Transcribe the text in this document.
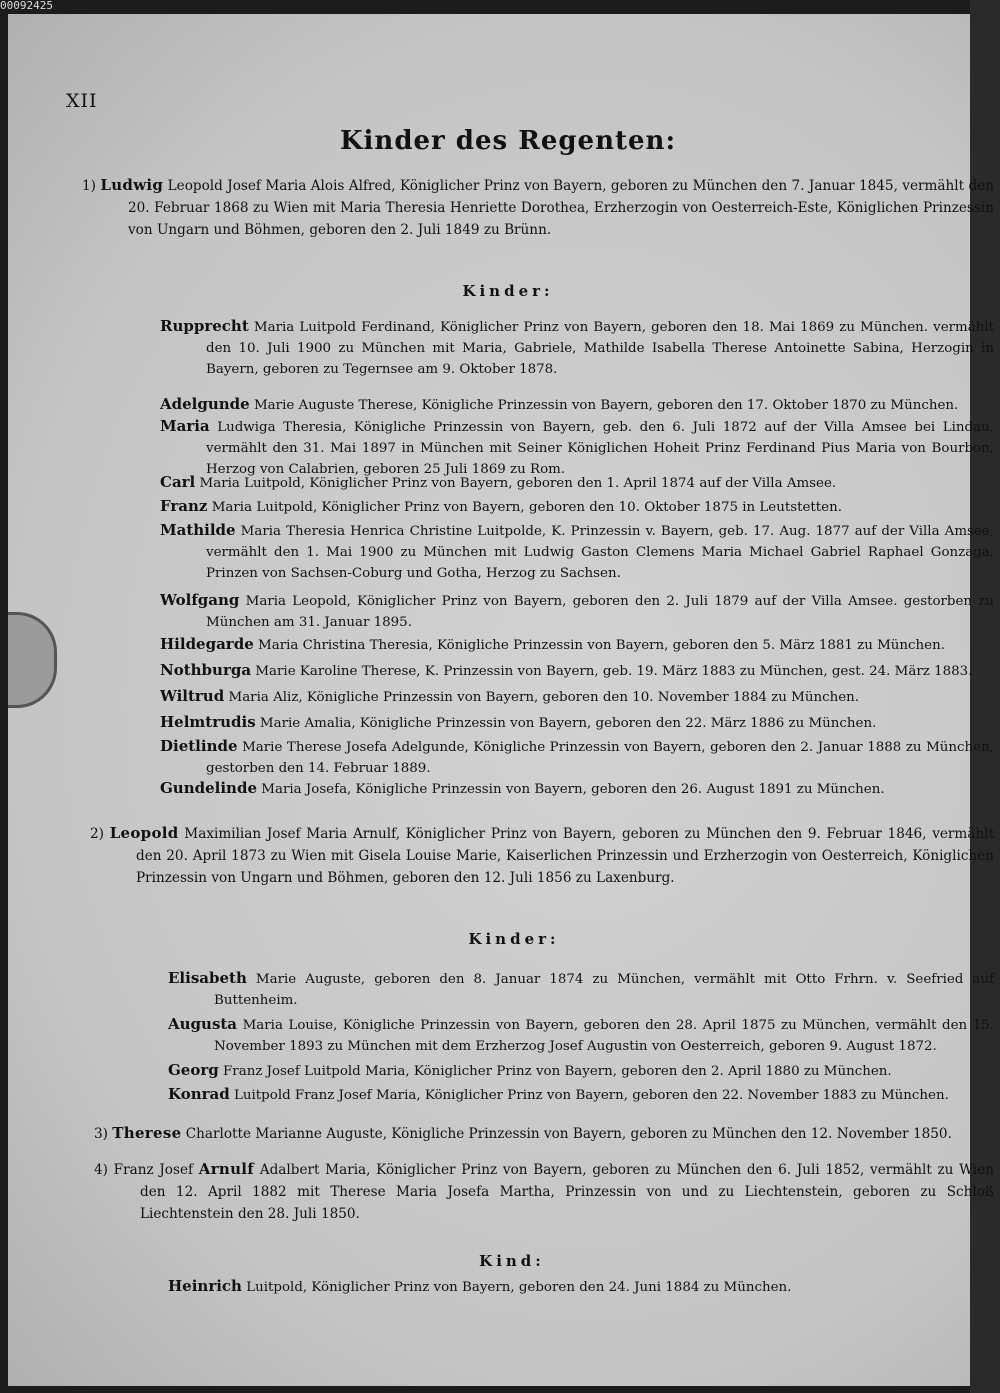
00092425
XII
Kinder des Regenten:
1) Ludwig Leopold Josef Maria Alois Alfred, Königlicher Prinz von Bayern, geboren zu München den 7. Januar 1845, vermählt den 20. Februar 1868 zu Wien mit Maria Theresia Henriette Dorothea, Erzherzogin von Oesterreich-Este, Königlichen Prinzessin von Ungarn und Böhmen, geboren den 2. Juli 1849 zu Brünn.
Kinder:
Rupprecht Maria Luitpold Ferdinand, Königlicher Prinz von Bayern, geboren den 18. Mai 1869 zu München. vermählt den 10. Juli 1900 zu München mit Maria, Gabriele, Mathilde Isabella Therese Antoinette Sabina, Herzogin in Bayern, geboren zu Tegernsee am 9. Oktober 1878.
Adelgunde Marie Auguste Therese, Königliche Prinzessin von Bayern, geboren den 17. Oktober 1870 zu München.
Maria Ludwiga Theresia, Königliche Prinzessin von Bayern, geb. den 6. Juli 1872 auf der Villa Amsee bei Lindau, vermählt den 31. Mai 1897 in München mit Seiner Königlichen Hoheit Prinz Ferdinand Pius Maria von Bourbon, Herzog von Calabrien, geboren 25 Juli 1869 zu Rom.
Carl Maria Luitpold, Königlicher Prinz von Bayern, geboren den 1. April 1874 auf der Villa Amsee.
Franz Maria Luitpold, Königlicher Prinz von Bayern, geboren den 10. Oktober 1875 in Leutstetten.
Mathilde Maria Theresia Henrica Christine Luitpolde, K. Prinzessin v. Bayern, geb. 17. Aug. 1877 auf der Villa Amsee, vermählt den 1. Mai 1900 zu München mit Ludwig Gaston Clemens Maria Michael Gabriel Raphael Gonzaga, Prinzen von Sachsen-Coburg und Gotha, Herzog zu Sachsen.
Wolfgang Maria Leopold, Königlicher Prinz von Bayern, geboren den 2. Juli 1879 auf der Villa Amsee. gestorben zu München am 31. Januar 1895.
Hildegarde Maria Christina Theresia, Königliche Prinzessin von Bayern, geboren den 5. März 1881 zu München.
Nothburga Marie Karoline Therese, K. Prinzessin von Bayern, geb. 19. März 1883 zu München, gest. 24. März 1883.
Wiltrud Maria Aliz, Königliche Prinzessin von Bayern, geboren den 10. November 1884 zu München.
Helmtrudis Marie Amalia, Königliche Prinzessin von Bayern, geboren den 22. März 1886 zu München.
Dietlinde Marie Therese Josefa Adelgunde, Königliche Prinzessin von Bayern, geboren den 2. Januar 1888 zu München, gestorben den 14. Februar 1889.
Gundelinde Maria Josefa, Königliche Prinzessin von Bayern, geboren den 26. August 1891 zu München.
2) Leopold Maximilian Josef Maria Arnulf, Königlicher Prinz von Bayern, geboren zu München den 9. Februar 1846, vermählt den 20. April 1873 zu Wien mit Gisela Louise Marie, Kaiserlichen Prinzessin und Erzherzogin von Oesterreich, Königlichen Prinzessin von Ungarn und Böhmen, geboren den 12. Juli 1856 zu Laxenburg.
Kinder:
Elisabeth Marie Auguste, geboren den 8. Januar 1874 zu München, vermählt mit Otto Frhrn. v. Seefried auf Buttenheim.
Augusta Maria Louise, Königliche Prinzessin von Bayern, geboren den 28. April 1875 zu München, vermählt den 15. November 1893 zu München mit dem Erzherzog Josef Augustin von Oesterreich, geboren 9. August 1872.
Georg Franz Josef Luitpold Maria, Königlicher Prinz von Bayern, geboren den 2. April 1880 zu München.
Konrad Luitpold Franz Josef Maria, Königlicher Prinz von Bayern, geboren den 22. November 1883 zu München.
3) Therese Charlotte Marianne Auguste, Königliche Prinzessin von Bayern, geboren zu München den 12. November 1850.
4) Franz Josef Arnulf Adalbert Maria, Königlicher Prinz von Bayern, geboren zu München den 6. Juli 1852, vermählt zu Wien den 12. April 1882 mit Therese Maria Josefa Martha, Prinzessin von und zu Liechtenstein, geboren zu Schloß Liechtenstein den 28. Juli 1850.
Kind:
Heinrich Luitpold, Königlicher Prinz von Bayern, geboren den 24. Juni 1884 zu München.
